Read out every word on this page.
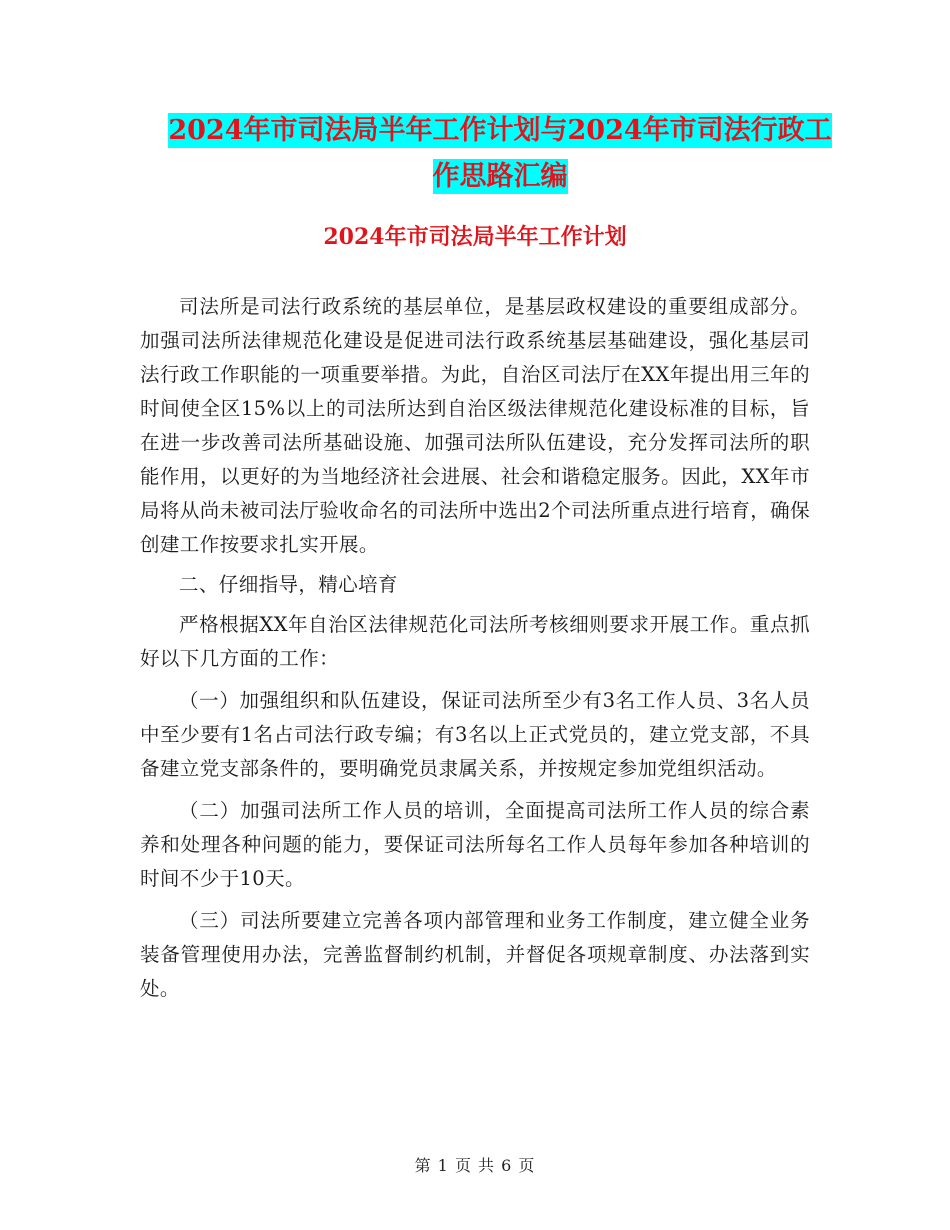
2024年市司法局半年工作计划与2024年市司法行政工
作思路汇编
2024年市司法局半年工作计划

司法所是司法行政系统的基层单位，是基层政权建设的重要组成部分。加强司法所法律规范化建设是促进司法行政系统基层基础建设，强化基层司法行政工作职能的一项重要举措。为此，自治区司法厅在XX年提出用三年的时间使全区15%以上的司法所达到自治区级法律规范化建设标准的目标，旨在进一步改善司法所基础设施、加强司法所队伍建设，充分发挥司法所的职能作用，以更好的为当地经济社会进展、社会和谐稳定服务。因此，XX年市局将从尚未被司法厅验收命名的司法所中选出2个司法所重点进行培育，确保创建工作按要求扎实开展。

二、仔细指导，精心培育

严格根据XX年自治区法律规范化司法所考核细则要求开展工作。重点抓好以下几方面的工作：

（一）加强组织和队伍建设，保证司法所至少有3名工作人员、3名人员中至少要有1名占司法行政专编；有3名以上正式党员的，建立党支部，不具备建立党支部条件的，要明确党员隶属关系，并按规定参加党组织活动。

（二）加强司法所工作人员的培训，全面提高司法所工作人员的综合素养和处理各种问题的能力，要保证司法所每名工作人员每年参加各种培训的时间不少于10天。

（三）司法所要建立完善各项内部管理和业务工作制度，建立健全业务装备管理使用办法，完善监督制约机制，并督促各项规章制度、办法落到实处。

第 1 页 共 6 页
